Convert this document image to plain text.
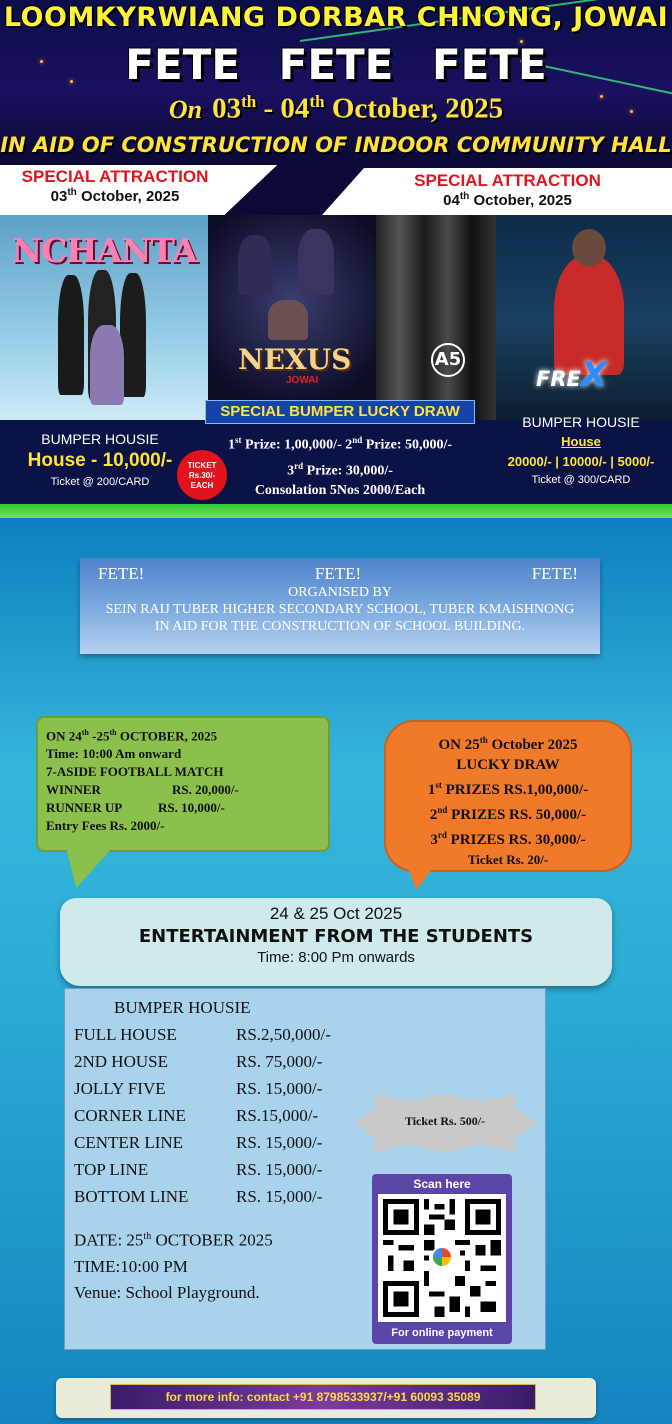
LOOMKYRWIANG DORBAR CHNONG, JOWAI
FETE FETE FETE
On 03th - 04th October, 2025
IN AID OF CONSTRUCTION OF INDOOR COMMUNITY HALL
SPECIAL ATTRACTION
03th October, 2025
SPECIAL ATTRACTION
04th October, 2025
NCHANTA
NEXUS
JOWAI
A5
FREX
SPECIAL BUMPER LUCKY DRAW
BUMPER HOUSIE
House - 10,000/-
Ticket @ 200/CARD
1st Prize: 1,00,000/- 2nd Prize: 50,000/-
3rd Prize: 30,000/-
Consolation 5Nos 2000/Each
TICKET
Rs.30/-
EACH
BUMPER HOUSIE
House
20000/- | 10000/- | 5000/-
Ticket @ 300/CARD
FETE!	FETE!	FETE!
ORGANISED BY
SEIN RAIJ TUBER HIGHER SECONDARY SCHOOL, TUBER KMAISHNONG
IN AID FOR THE CONSTRUCTION OF SCHOOL BUILDING.
ON 24th -25th OCTOBER, 2025
Time: 10:00 Am onward
7-ASIDE FOOTBALL MATCH
WINNER	RS. 20,000/-
RUNNER UP	RS. 10,000/-
Entry Fees Rs. 2000/-
ON 25th October 2025
LUCKY DRAW
1st PRIZES RS.1,00,000/-
2nd PRIZES RS. 50,000/-
3rd PRIZES RS. 30,000/-
Ticket Rs. 20/-
24 & 25 Oct 2025
ENTERTAINMENT FROM THE STUDENTS
Time: 8:00 Pm onwards
BUMPER HOUSIE
FULL HOUSE	RS.2,50,000/-
2ND HOUSE	RS. 75,000/-
JOLLY FIVE	RS. 15,000/-
CORNER LINE	RS.15,000/-
CENTER LINE	RS. 15,000/-
TOP LINE	RS. 15,000/-
BOTTOM LINE	RS. 15,000/-
DATE: 25th OCTOBER 2025
TIME:10:00 PM
Venue: School Playground.
Ticket Rs. 500/-
Scan here
For online payment
for more info: contact +91 8798533937/+91 60093 35089
